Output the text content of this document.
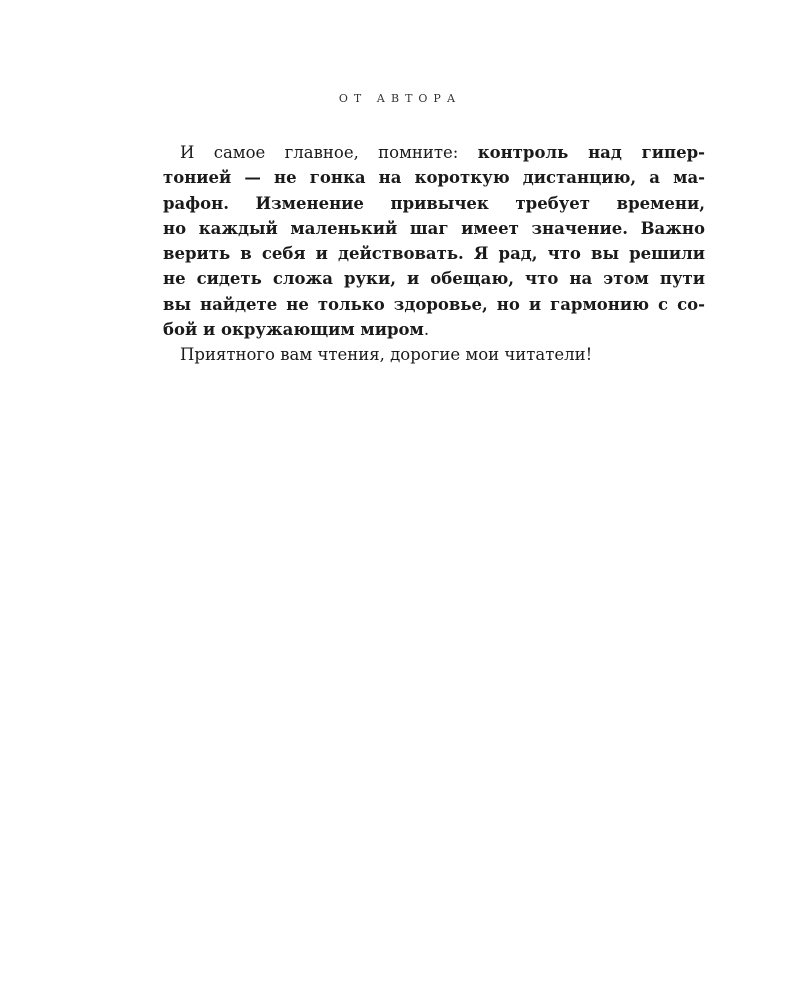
ОТ АВТОРА

И самое главное, помните: контроль над гипер-
тонией — не гонка на короткую дистанцию, а ма-
рафон. Изменение привычек требует времени,
но каждый маленький шаг имеет значение. Важно
верить в себя и действовать. Я рад, что вы решили
не сидеть сложа руки, и обещаю, что на этом пути
вы найдете не только здоровье, но и гармонию с со-
бой и окружающим миром.

Приятного вам чтения, дорогие мои читатели!
